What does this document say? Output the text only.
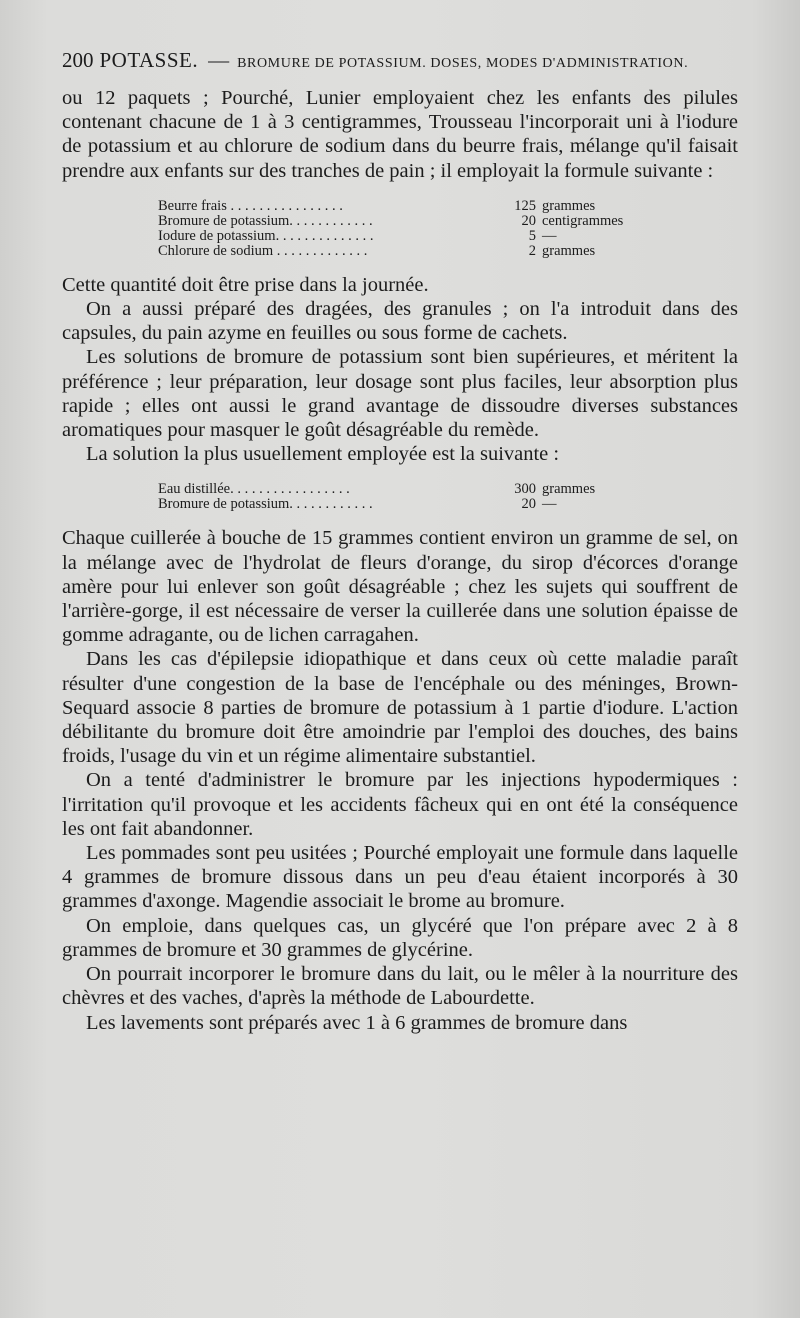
200 POTASSE. — BROMURE DE POTASSIUM. DOSES, MODES D'ADMINISTRATION.

ou 12 paquets ; Pourché, Lunier employaient chez les enfants des pilules contenant chacune de 1 à 3 centigrammes, Trousseau l'incorporait uni à l'iodure de potassium et au chlorure de sodium dans du beurre frais, mélange qu'il faisait prendre aux enfants sur des tranches de pain ; il employait la formule suivante :

Beurre frais . . . . . . . . . . . . . . . .	125	grammes
Bromure de potassium. . . . . . . . . . . .	20	centigrammes
Iodure de potassium. . . . . . . . . . . . . .	5	—
Chlorure de sodium . . . . . . . . . . . . .	2	grammes

Cette quantité doit être prise dans la journée.

On a aussi préparé des dragées, des granules ; on l'a introduit dans des capsules, du pain azyme en feuilles ou sous forme de cachets.

Les solutions de bromure de potassium sont bien supérieures, et méritent la préférence ; leur préparation, leur dosage sont plus faciles, leur absorption plus rapide ; elles ont aussi le grand avantage de dissoudre diverses substances aromatiques pour masquer le goût désagréable du remède.

La solution la plus usuellement employée est la suivante :

Eau distillée. . . . . . . . . . . . . . . . .	300	grammes
Bromure de potassium. . . . . . . . . . . .	20	—

Chaque cuillerée à bouche de 15 grammes contient environ un gramme de sel, on la mélange avec de l'hydrolat de fleurs d'orange, du sirop d'écorces d'orange amère pour lui enlever son goût désagréable ; chez les sujets qui souffrent de l'arrière-gorge, il est nécessaire de verser la cuillerée dans une solution épaisse de gomme adragante, ou de lichen carragahen.

Dans les cas d'épilepsie idiopathique et dans ceux où cette maladie paraît résulter d'une congestion de la base de l'encéphale ou des méninges, Brown-Sequard associe 8 parties de bromure de potassium à 1 partie d'iodure. L'action débilitante du bromure doit être amoindrie par l'emploi des douches, des bains froids, l'usage du vin et un régime alimentaire substantiel.

On a tenté d'administrer le bromure par les injections hypodermiques : l'irritation qu'il provoque et les accidents fâcheux qui en ont été la conséquence les ont fait abandonner.

Les pommades sont peu usitées ; Pourché employait une formule dans laquelle 4 grammes de bromure dissous dans un peu d'eau étaient incorporés à 30 grammes d'axonge. Magendie associait le brome au bromure.

On emploie, dans quelques cas, un glycéré que l'on prépare avec 2 à 8 grammes de bromure et 30 grammes de glycérine.

On pourrait incorporer le bromure dans du lait, ou le mêler à la nourriture des chèvres et des vaches, d'après la méthode de Labourdette.

Les lavements sont préparés avec 1 à 6 grammes de bromure dans
